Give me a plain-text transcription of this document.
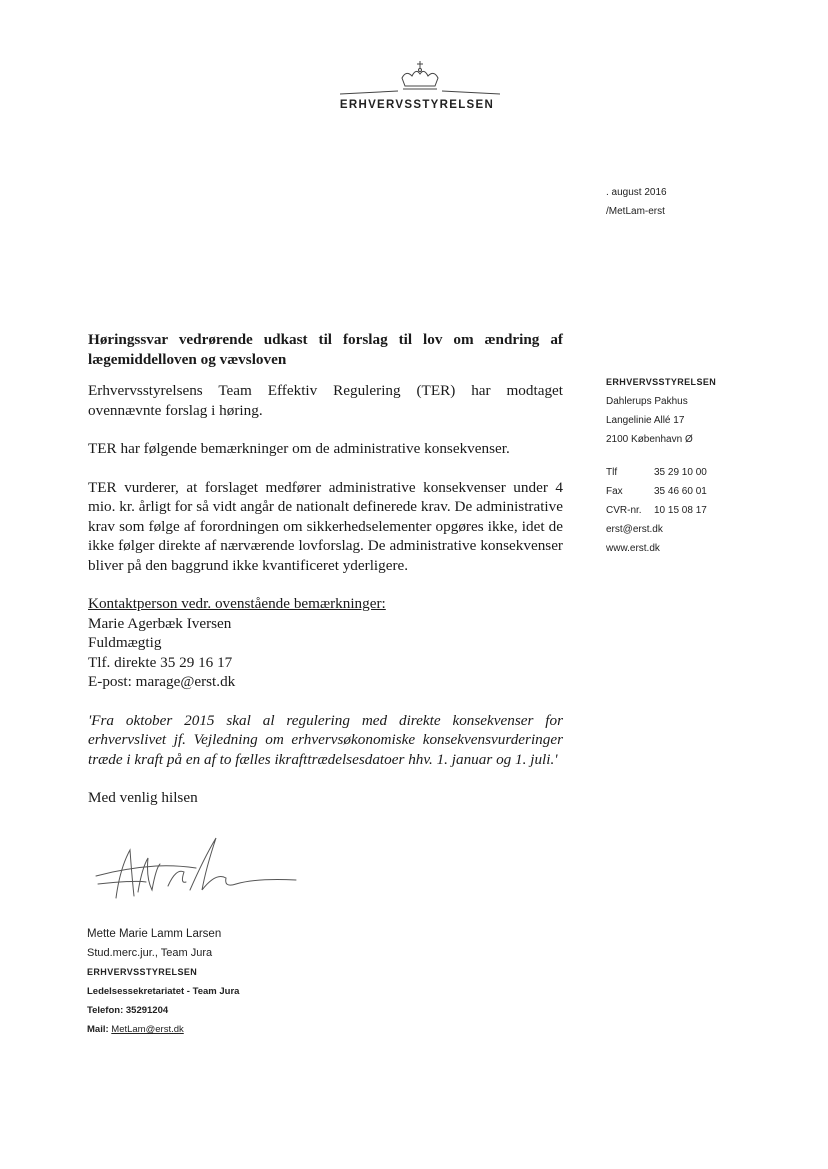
ERHVERVSSTYRELSEN
. august 2016
/MetLam-erst

Høringssvar vedrørende udkast til forslag til lov om ændring af lægemiddelloven og vævsloven

Erhvervsstyrelsens Team Effektiv Regulering (TER) har modtaget ovennævnte forslag i høring.

TER har følgende bemærkninger om de administrative konsekvenser.

TER vurderer, at forslaget medfører administrative konsekvenser under 4 mio. kr. årligt for så vidt angår de nationalt definerede krav. De administrative krav som følge af forordningen om sikkerhedselementer opgøres ikke, idet de ikke følger direkte af nærværende lovforslag. De administrative konsekvenser bliver på den baggrund ikke kvantificeret yderligere.

Kontaktperson vedr. ovenstående bemærkninger:

Marie Agerbæk Iversen
Fuldmægtig
Tlf. direkte 35 29 16 17
E-post: marage@erst.dk

'Fra oktober 2015 skal al regulering med direkte konsekvenser for erhvervslivet jf. Vejledning om erhvervsøkonomiske konsekvensvurderinger træde i kraft på en af to fælles ikrafttrædelsesdatoer hhv. 1. januar og 1. juli.'

Med venlig hilsen

ERHVERVSSTYRELSEN
Dahlerups Pakhus
Langelinie Allé 17
2100 København Ø
Tlf	35 29 10 00
Fax	35 46 60 01
CVR-nr.	10 15 08 17
erst@erst.dk
www.erst.dk
Mette Marie Lamm Larsen
Stud.merc.jur., Team Jura
ERHVERVSSTYRELSEN
Ledelsessekretariatet - Team Jura
Telefon: 35291204
Mail: MetLam@erst.dk
